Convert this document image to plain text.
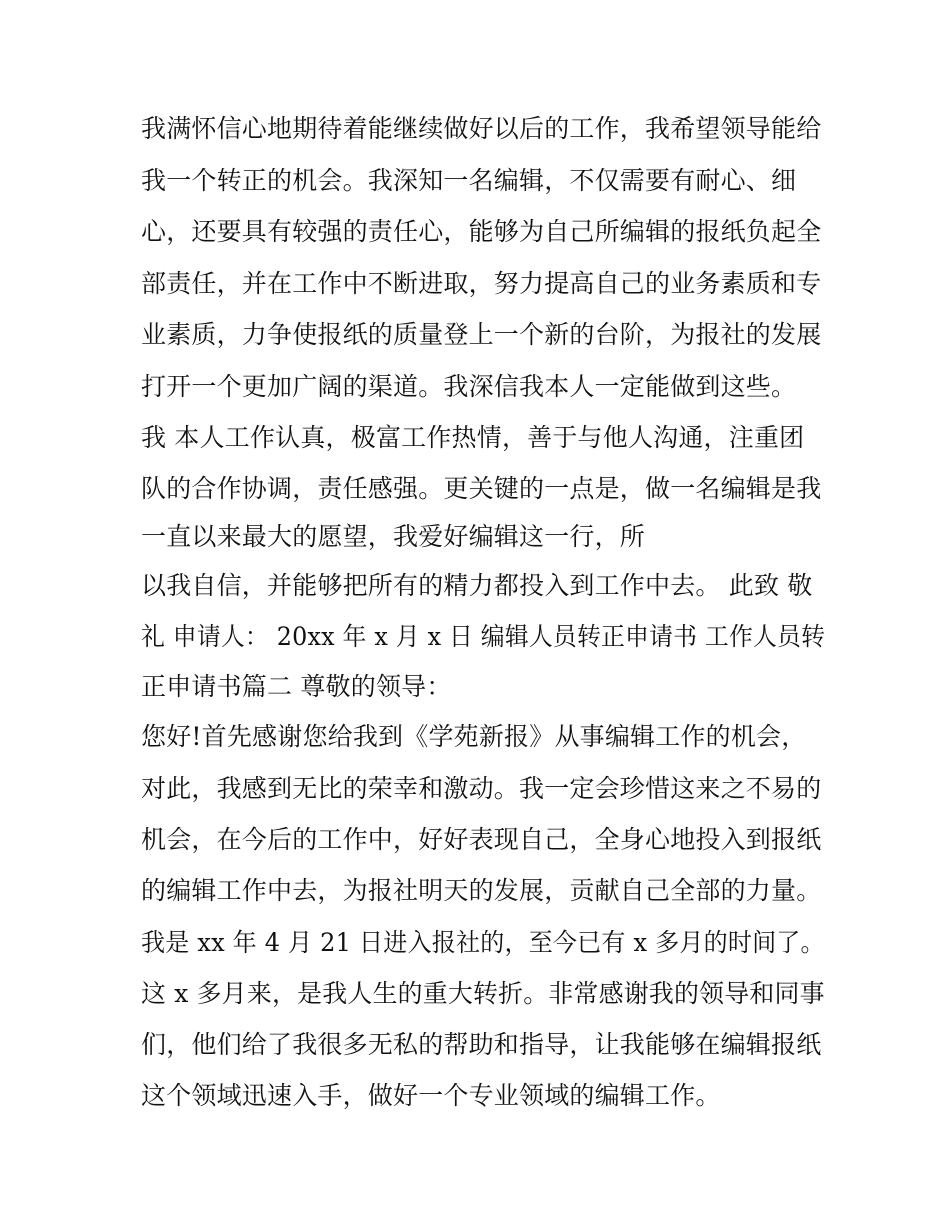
我满怀信心地期待着能继续做好以后的工作，我希望领导能给
我一个转正的机会。我深知一名编辑，不仅需要有耐心、细
心，还要具有较强的责任心，能够为自己所编辑的报纸负起全
部责任，并在工作中不断进取，努力提高自己的业务素质和专
业素质，力争使报纸的质量登上一个新的台阶，为报社的发展
打开一个更加广阔的渠道。我深信我本人一定能做到这些。
我 本人工作认真，极富工作热情，善于与他人沟通，注重团
队的合作协调，责任感强。更关键的一点是，做一名编辑是我
一直以来最大的愿望，我爱好编辑这一行，所
以我自信，并能够把所有的精力都投入到工作中去。 此致 敬
礼 申请人： 20xx 年 x 月 x 日 编辑人员转正申请书 工作人员转
正申请书篇二 尊敬的领导：
您好!首先感谢您给我到《学苑新报》从事编辑工作的机会，
对此，我感到无比的荣幸和激动。我一定会珍惜这来之不易的
机会，在今后的工作中，好好表现自己，全身心地投入到报纸
的编辑工作中去，为报社明天的发展，贡献自己全部的力量。
我是 xx 年 4 月 21 日进入报社的，至今已有 x 多月的时间了。
这 x 多月来，是我人生的重大转折。非常感谢我的领导和同事
们，他们给了我很多无私的帮助和指导，让我能够在编辑报纸
这个领域迅速入手，做好一个专业领域的编辑工作。
